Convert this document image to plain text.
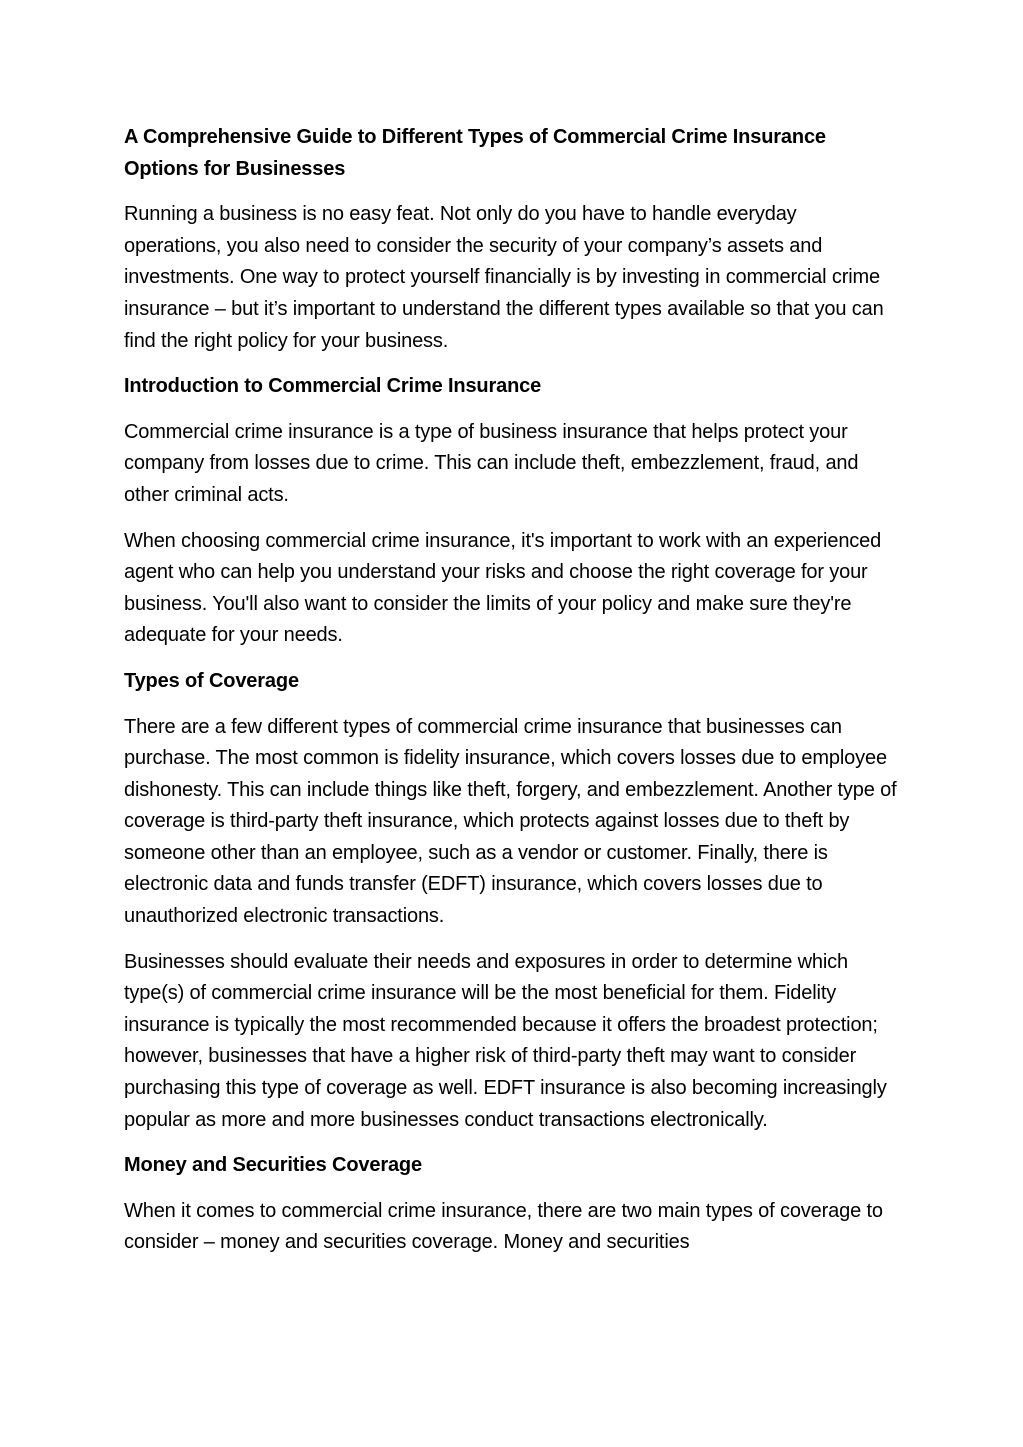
A Comprehensive Guide to Different Types of Commercial Crime Insurance Options for Businesses

Running a business is no easy feat. Not only do you have to handle everyday operations, you also need to consider the security of your company’s assets and investments. One way to protect yourself financially is by investing in commercial crime insurance – but it’s important to understand the different types available so that you can find the right policy for your business.

Introduction to Commercial Crime Insurance

Commercial crime insurance is a type of business insurance that helps protect your company from losses due to crime. This can include theft, embezzlement, fraud, and other criminal acts.

When choosing commercial crime insurance, it's important to work with an experienced agent who can help you understand your risks and choose the right coverage for your business. You'll also want to consider the limits of your policy and make sure they're adequate for your needs.

Types of Coverage

There are a few different types of commercial crime insurance that businesses can purchase. The most common is fidelity insurance, which covers losses due to employee dishonesty. This can include things like theft, forgery, and embezzlement. Another type of coverage is third-party theft insurance, which protects against losses due to theft by someone other than an employee, such as a vendor or customer. Finally, there is electronic data and funds transfer (EDFT) insurance, which covers losses due to unauthorized electronic transactions.

Businesses should evaluate their needs and exposures in order to determine which type(s) of commercial crime insurance will be the most beneficial for them. Fidelity insurance is typically the most recommended because it offers the broadest protection; however, businesses that have a higher risk of third-party theft may want to consider purchasing this type of coverage as well. EDFT insurance is also becoming increasingly popular as more and more businesses conduct transactions electronically.

Money and Securities Coverage

When it comes to commercial crime insurance, there are two main types of coverage to consider – money and securities coverage. Money and securities
